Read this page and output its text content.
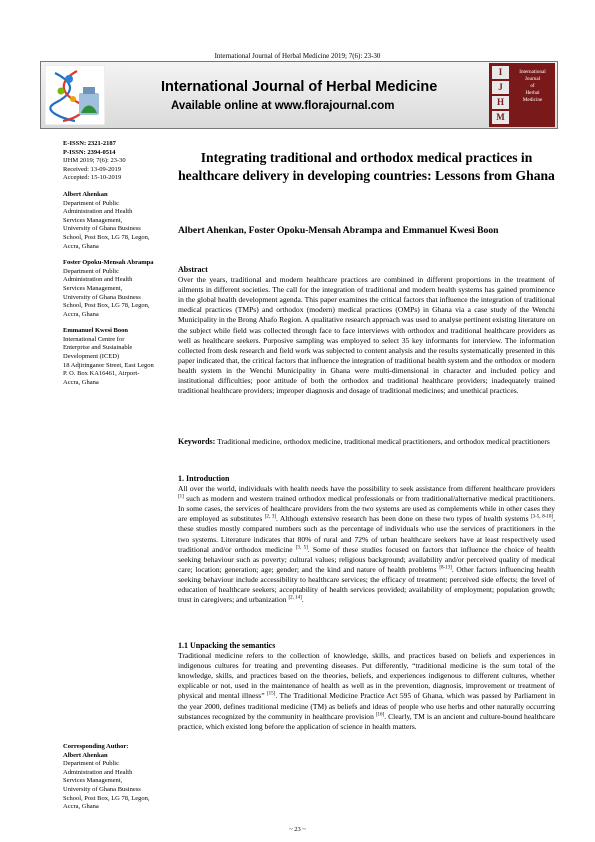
International Journal of Herbal Medicine 2019; 7(6): 23-30
International Journal of Herbal Medicine
Available online at www.florajournal.com
I
J
H
M
International
Journal
of
Herbal
Medicine
E-ISSN: 2321-2187
P-ISSN: 2394-0514
IJHM 2019; 7(6): 23-30
Received: 13-09-2019
Accepted: 15-10-2019
Albert Ahenkan
Department of Public
Administration and Health
Services Management,
University of Ghana Business
School, Post Box, LG 78, Legon,
Accra, Ghana
Foster Opoku-Mensah Abrampa
Department of Public
Administration and Health
Services Management,
University of Ghana Business
School, Post Box, LG 78, Legon,
Accra, Ghana
Emmanuel Kwesi Boon
International Centre for
Enterprise and Sustainable
Development (ICED)
18 Adjiringanor Street, East Legon
P. O. Box KA16461, Airport-
Accra, Ghana
Corresponding Author:
Albert Ahenkan
Department of Public
Administration and Health
Services Management,
University of Ghana Business
School, Post Box, LG 78, Legon,
Accra, Ghana
Integrating traditional and orthodox medical practices in healthcare delivery in developing countries: Lessons from Ghana
Albert Ahenkan, Foster Opoku-Mensah Abrampa and Emmanuel Kwesi Boon
Abstract
Over the years, traditional and modern healthcare practices are combined in different proportions in the treatment of ailments in different societies. The call for the integration of traditional and modern health systems has gained prominence in the global health development agenda. This paper examines the critical factors that influence the integration of traditional medical practices (TMPs) and orthodox (modern) medical practices (OMPs) in Ghana via a case study of the Wenchi Municipality in the Brong Ahafo Region. A qualitative research approach was used to analyse pertinent existing literature on the subject while field was collected through face to face interviews with orthodox and traditional healthcare providers as well as healthcare seekers. Purposive sampling was employed to select 35 key informants for interview. The information collected from desk research and field work was subjected to content analysis and the results systematically presented in this paper indicated that, the critical factors that influence the integration of traditional health system and the orthodox or modern health system in the Wenchi Municipality in Ghana were multi-dimensional in character and included policy and institutional difficulties; poor attitude of both the orthodox and traditional healthcare providers; inadequately trained traditional healthcare providers; improper diagnosis and dosage of traditional medicines; and unethical practices.
Keywords: Traditional medicine, orthodox medicine, traditional medical practitioners, and orthodox medical practitioners
1. Introduction
All over the world, individuals with health needs have the possibility to seek assistance from different healthcare providers [1] such as modern and western trained orthodox medical professionals or from traditional/alternative medical practitioners. In some cases, the services of healthcare providers from the two systems are used as complements while in other cases they are employed as substitutes [2, 3]. Although extensive research has been done on these two types of health systems [3-5, 8-10], these studies mostly compared numbers such as the percentage of individuals who use the services of practitioners in the two systems. Literature indicates that 80% of rural and 72% of urban healthcare seekers have at least respectively used traditional and/or orthodox medicine [3, 5]. Some of these studies focused on factors that influence the choice of health seeking behaviour such as poverty; cultural values; religious background; availability and/or perceived quality of medical care; location; generation; age; gender; and the kind and nature of health problems [8-13]. Other factors influencing health seeking behaviour include accessibility to healthcare services; the efficacy of treatment; perceived side effects; the level of education of healthcare seekers; acceptability of health services provided; availability of employment; population growth; trust in caregivers; and urbanization [2, 14].
1.1 Unpacking the semantics
Traditional medicine refers to the collection of knowledge, skills, and practices based on beliefs and experiences in indigenous cultures for treating and preventing diseases. Put differently, “traditional medicine is the sum total of the knowledge, skills, and practices based on the theories, beliefs, and experiences indigenous to different cultures, whether explicable or not, used in the maintenance of health as well as in the prevention, diagnosis, improvement or treatment of physical and mental illness” [15]. The Traditional Medicine Practice Act 595 of Ghana, which was passed by Parliament in the year 2000, defines traditional medicine (TM) as beliefs and ideas of people who use herbs and other naturally occurring substances recognized by the community in healthcare provision [16]. Clearly, TM is an ancient and culture-bound healthcare practice, which existed long before the application of science in health matters.
~ 23 ~
